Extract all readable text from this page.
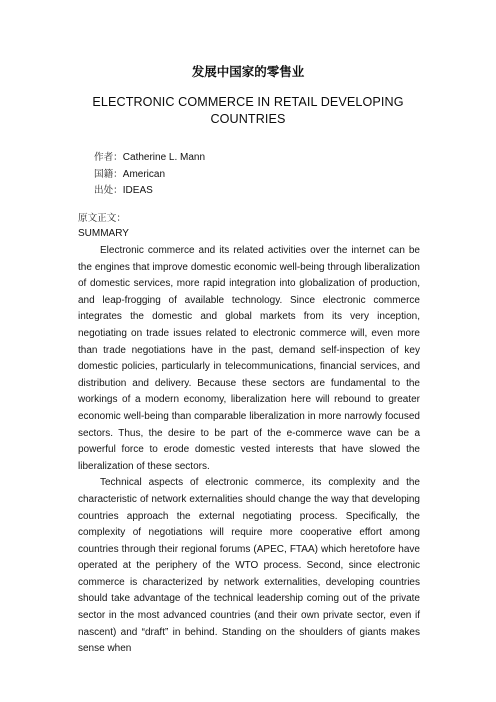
发展中国家的零售业
ELECTRONIC COMMERCE IN RETAIL DEVELOPING COUNTRIES
作者：Catherine L. Mann
国籍：American
出处：IDEAS
原文正文：
SUMMARY

Electronic commerce and its related activities over the internet can be the engines that improve domestic economic well-being through liberalization of domestic services, more rapid integration into globalization of production, and leap-frogging of available technology. Since electronic commerce integrates the domestic and global markets from its very inception, negotiating on trade issues related to electronic commerce will, even more than trade negotiations have in the past, demand self-inspection of key domestic policies, particularly in telecommunications, financial services, and distribution and delivery. Because these sectors are fundamental to the workings of a modern economy, liberalization here will rebound to greater economic well-being than comparable liberalization in more narrowly focused sectors. Thus, the desire to be part of the e-commerce wave can be a powerful force to erode domestic vested interests that have slowed the liberalization of these sectors.

Technical aspects of electronic commerce, its complexity and the characteristic of network externalities should change the way that developing countries approach the external negotiating process. Specifically, the complexity of negotiations will require more cooperative effort among countries through their regional forums (APEC, FTAA) which heretofore have operated at the periphery of the WTO process. Second, since electronic commerce is characterized by network externalities, developing countries should take advantage of the technical leadership coming out of the private sector in the most advanced countries (and their own private sector, even if nascent) and “draft” in behind. Standing on the shoulders of giants makes sense when
